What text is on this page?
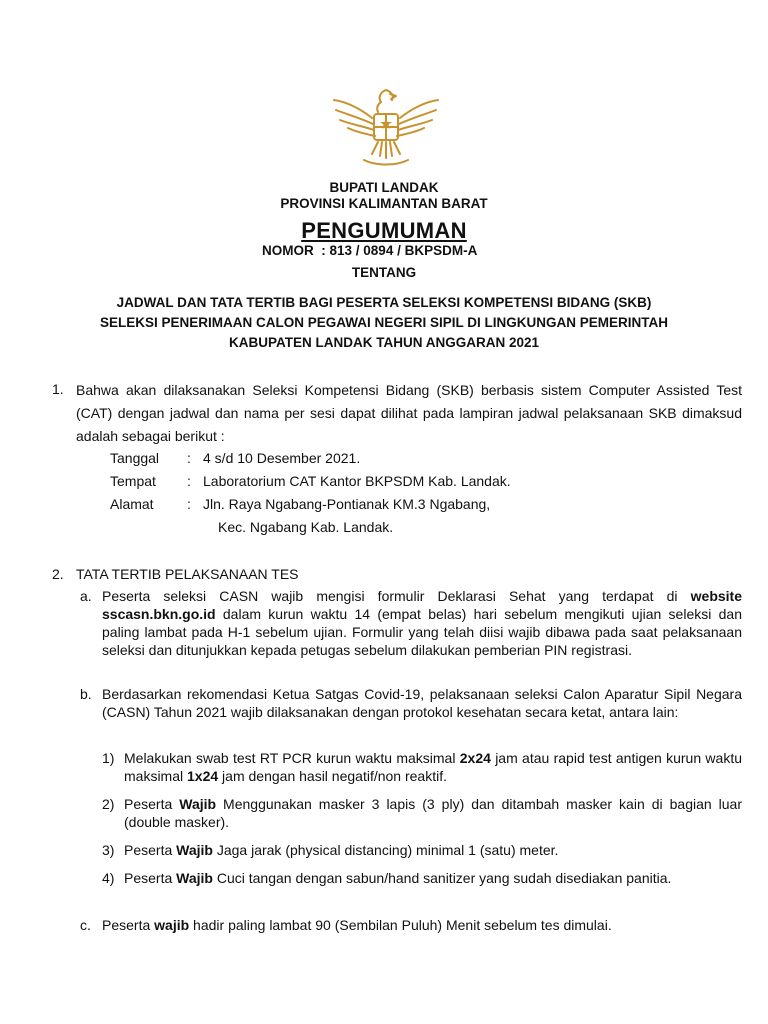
BUPATI LANDAK
PROVINSI KALIMANTAN BARAT
PENGUMUMAN
NOMOR : 813 / 0894 / BKPSDM-A
TENTANG
JADWAL DAN TATA TERTIB BAGI PESERTA SELEKSI KOMPETENSI BIDANG (SKB)
SELEKSI PENERIMAAN CALON PEGAWAI NEGERI SIPIL DI LINGKUNGAN PEMERINTAH
KABUPATEN LANDAK TAHUN ANGGARAN 2021
1. Bahwa akan dilaksanakan Seleksi Kompetensi Bidang (SKB) berbasis sistem Computer Assisted Test (CAT) dengan jadwal dan nama per sesi dapat dilihat pada lampiran jadwal pelaksanaan SKB dimaksud adalah sebagai berikut :
Tanggal : 4 s/d 10 Desember 2021.
Tempat : Laboratorium CAT Kantor BKPSDM Kab. Landak.
Alamat : Jln. Raya Ngabang-Pontianak KM.3 Ngabang,
Kec. Ngabang Kab. Landak.
2. TATA TERTIB PELAKSANAAN TES
a. Peserta seleksi CASN wajib mengisi formulir Deklarasi Sehat yang terdapat di website sscasn.bkn.go.id dalam kurun waktu 14 (empat belas) hari sebelum mengikuti ujian seleksi dan paling lambat pada H-1 sebelum ujian. Formulir yang telah diisi wajib dibawa pada saat pelaksanaan seleksi dan ditunjukkan kepada petugas sebelum dilakukan pemberian PIN registrasi.
b. Berdasarkan rekomendasi Ketua Satgas Covid-19, pelaksanaan seleksi Calon Aparatur Sipil Negara (CASN) Tahun 2021 wajib dilaksanakan dengan protokol kesehatan secara ketat, antara lain:
1) Melakukan swab test RT PCR kurun waktu maksimal 2x24 jam atau rapid test antigen kurun waktu maksimal 1x24 jam dengan hasil negatif/non reaktif.
2) Peserta Wajib Menggunakan masker 3 lapis (3 ply) dan ditambah masker kain di bagian luar (double masker).
3) Peserta Wajib Jaga jarak (physical distancing) minimal 1 (satu) meter.
4) Peserta Wajib Cuci tangan dengan sabun/hand sanitizer yang sudah disediakan panitia.
c. Peserta wajib hadir paling lambat 90 (Sembilan Puluh) Menit sebelum tes dimulai.
